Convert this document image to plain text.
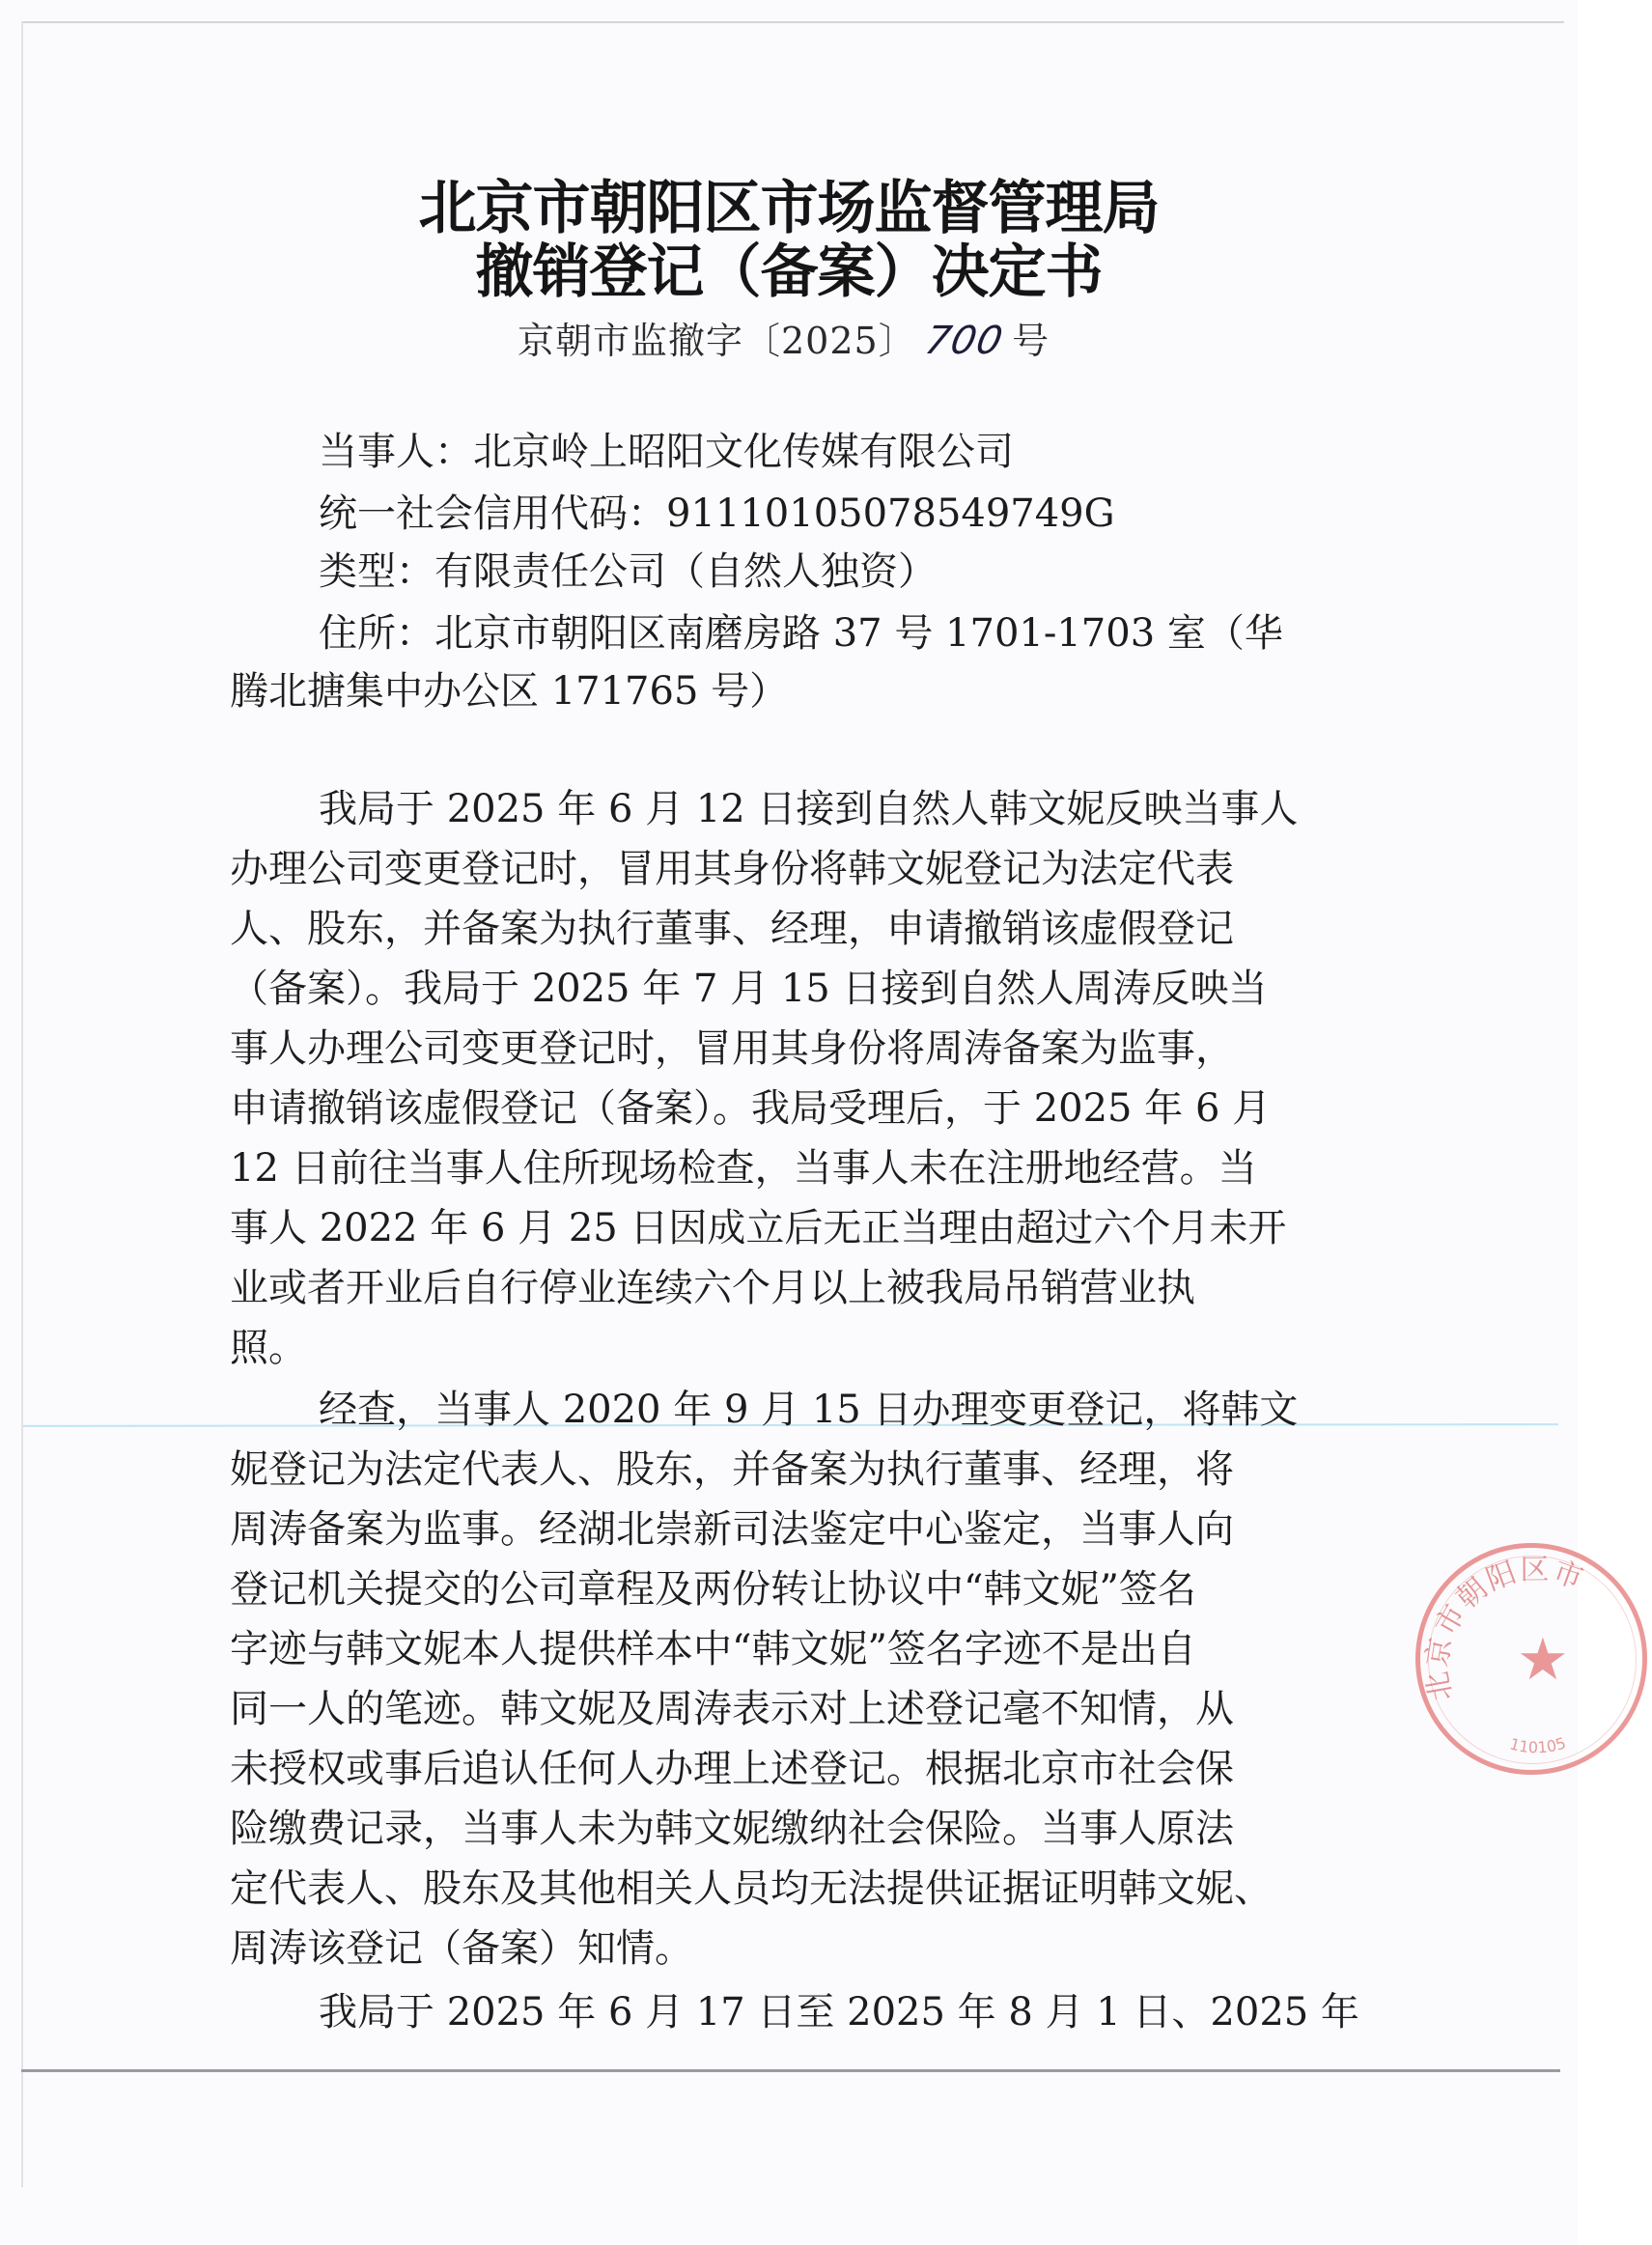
北京市朝阳区市场监督管理局
撤销登记（备案）决定书
京朝市监撤字〔2025〕 700 号
当事人：北京岭上昭阳文化传媒有限公司
统一社会信用代码：91110105078549749G
类型：有限责任公司（自然人独资）
住所：北京市朝阳区南磨房路 37 号 1701-1703 室（华
腾北搪集中办公区 171765 号）
我局于 2025 年 6 月 12 日接到自然人韩文妮反映当事人
办理公司变更登记时，冒用其身份将韩文妮登记为法定代表
人、股东，并备案为执行董事、经理，申请撤销该虚假登记
（备案）。我局于 2025 年 7 月 15 日接到自然人周涛反映当
事人办理公司变更登记时，冒用其身份将周涛备案为监事，
申请撤销该虚假登记（备案）。我局受理后，于 2025 年 6 月
12 日前往当事人住所现场检查，当事人未在注册地经营。当
事人 2022 年 6 月 25 日因成立后无正当理由超过六个月未开
业或者开业后自行停业连续六个月以上被我局吊销营业执
照。
经查，当事人 2020 年 9 月 15 日办理变更登记，将韩文
妮登记为法定代表人、股东，并备案为执行董事、经理，将
周涛备案为监事。经湖北崇新司法鉴定中心鉴定，当事人向
登记机关提交的公司章程及两份转让协议中“韩文妮”签名
字迹与韩文妮本人提供样本中“韩文妮”签名字迹不是出自
同一人的笔迹。韩文妮及周涛表示对上述登记毫不知情，从
未授权或事后追认任何人办理上述登记。根据北京市社会保
险缴费记录，当事人未为韩文妮缴纳社会保险。当事人原法
定代表人、股东及其他相关人员均无法提供证据证明韩文妮、
周涛该登记（备案）知情。
我局于 2025 年 6 月 17 日至 2025 年 8 月 1 日、2025 年
北京市朝阳区市
110105
★
